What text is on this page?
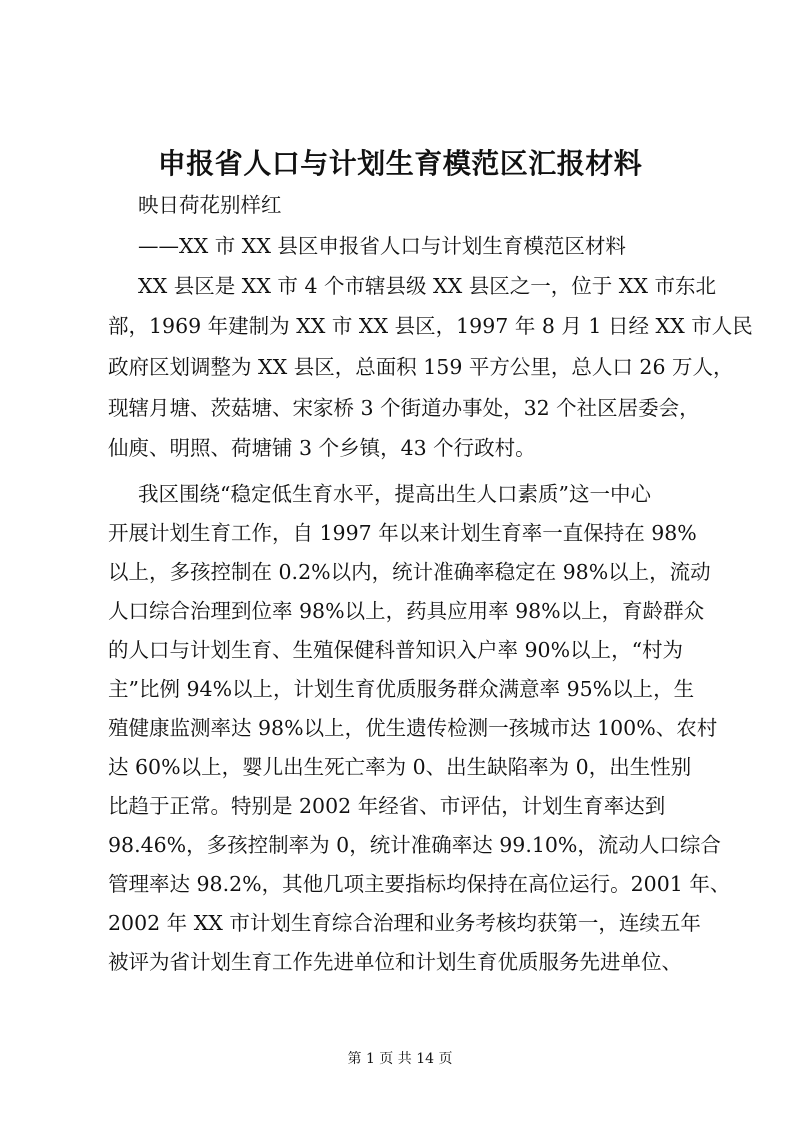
申报省人口与计划生育模范区汇报材料
映日荷花别样红
——XX 市 XX 县区申报省人口与计划生育模范区材料
XX 县区是 XX 市 4 个市辖县级 XX 县区之一，位于 XX 市东北
部，1969 年建制为 XX 市 XX 县区，1997 年 8 月 1 日经 XX 市人民
政府区划调整为 XX 县区，总面积 159 平方公里，总人口 26 万人，
现辖月塘、茨菇塘、宋家桥 3 个街道办事处，32 个社区居委会，
仙庾、明照、荷塘铺 3 个乡镇，43 个行政村。
我区围绕“稳定低生育水平，提高出生人口素质”这一中心
开展计划生育工作，自 1997 年以来计划生育率一直保持在 98%
以上，多孩控制在 0.2%以内，统计准确率稳定在 98%以上，流动
人口综合治理到位率 98%以上，药具应用率 98%以上，育龄群众
的人口与计划生育、生殖保健科普知识入户率 90%以上，“村为
主”比例 94%以上，计划生育优质服务群众满意率 95%以上，生
殖健康监测率达 98%以上，优生遗传检测一孩城市达 100%、农村
达 60%以上，婴儿出生死亡率为 0、出生缺陷率为 0，出生性别
比趋于正常。特别是 2002 年经省、市评估，计划生育率达到
98.46%，多孩控制率为 0，统计准确率达 99.10%，流动人口综合
管理率达 98.2%，其他几项主要指标均保持在高位运行。2001 年、
2002 年 XX 市计划生育综合治理和业务考核均获第一，连续五年
被评为省计划生育工作先进单位和计划生育优质服务先进单位、
第 1 页 共 14 页
